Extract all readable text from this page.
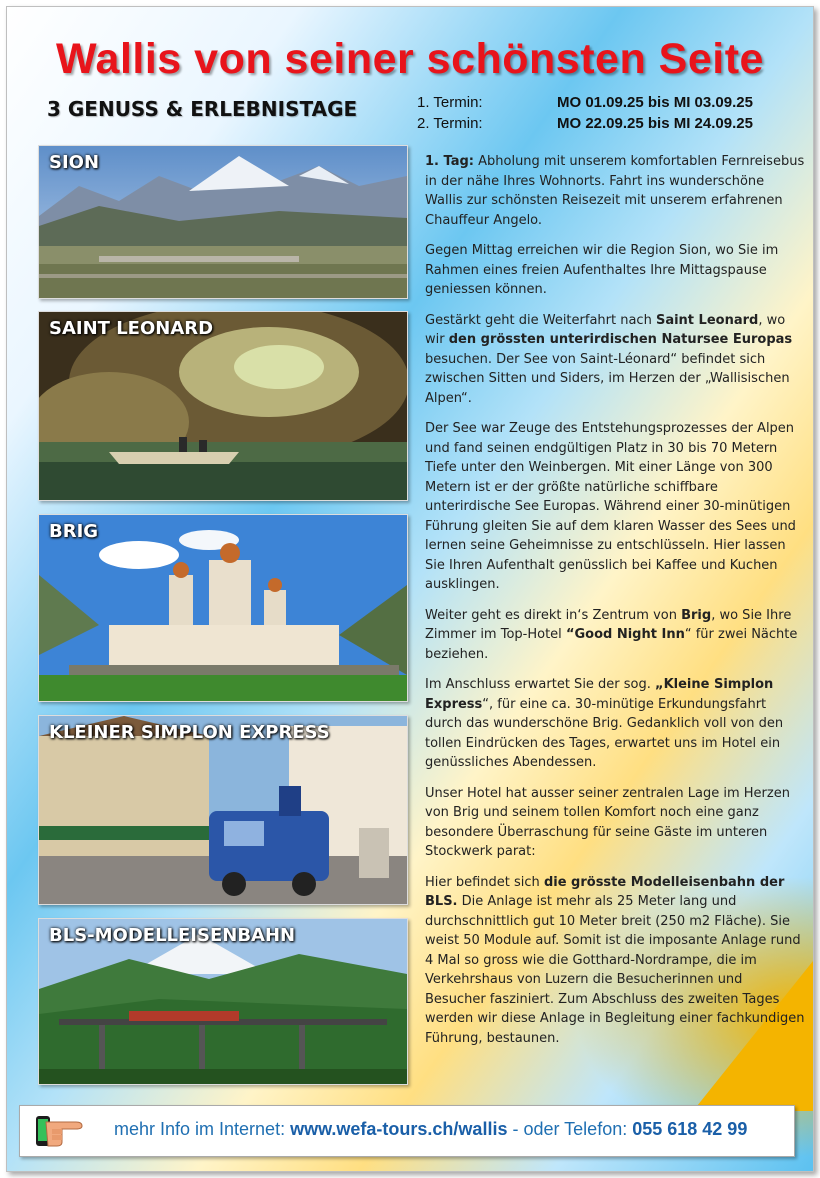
Wallis von seiner schönsten Seite
3 GENUSS & ERLEBNISTAGE	1. Termin:	MO 01.09.25 bis MI 03.09.25
2. Termin:	MO 22.09.25 bis MI 24.09.25
SION
SAINT LEONARD
BRIG
KLEINER SIMPLON EXPRESS
BLS-MODELLEISENBAHN

1. Tag: Abholung mit unserem komfortablen Fernreisebus in der nähe Ihres Wohnorts. Fahrt ins wunderschöne Wallis zur schönsten Reisezeit mit unserem erfahrenen Chauffeur Angelo.

Gegen Mittag erreichen wir die Region Sion, wo Sie im Rahmen eines freien Aufenthaltes Ihre Mittagspause geniessen können.

Gestärkt geht die Weiterfahrt nach Saint Leonard, wo wir den grössten unterirdischen Natursee Europas besuchen. Der See von Saint-Léonard“ befindet sich zwischen Sitten und Siders, im Herzen der „Wallisischen Alpen“.

Der See war Zeuge des Entstehungsprozesses der Alpen und fand seinen endgültigen Platz in 30 bis 70 Metern Tiefe unter den Weinbergen. Mit einer Länge von 300 Metern ist er der größte natürliche schiffbare unterirdische See Europas. Während einer 30-minütigen Führung gleiten Sie auf dem klaren Wasser des Sees und lernen seine Geheimnisse zu entschlüsseln. Hier lassen Sie Ihren Aufenthalt genüsslich bei Kaffee und Kuchen ausklingen.

Weiter geht es direkt in‘s Zentrum von Brig, wo Sie Ihre Zimmer im Top-Hotel “Good Night Inn“ für zwei Nächte beziehen.

Im Anschluss erwartet Sie der sog. „Kleine Simplon Express“, für eine ca. 30-minütige Erkundungsfahrt durch das wunderschöne Brig. Gedanklich voll von den tollen Eindrücken des Tages, erwartet uns im Hotel ein genüssliches Abendessen.

Unser Hotel hat ausser seiner zentralen Lage im Herzen von Brig und seinem tollen Komfort noch eine ganz besondere Überraschung für seine Gäste im unteren Stockwerk parat:

Hier befindet sich die grösste Modelleisenbahn der BLS. Die Anlage ist mehr als 25 Meter lang und durchschnittlich gut 10 Meter breit (250 m2 Fläche). Sie weist 50 Module auf. Somit ist die imposante Anlage rund 4 Mal so gross wie die Gotthard-Nordrampe, die im Verkehrshaus von Luzern die Besucherinnen und Besucher fasziniert. Zum Abschluss des zweiten Tages werden wir diese Anlage in Begleitung einer fachkundigen Führung, bestaunen.

mehr Info im Internet: www.wefa-tours.ch/wallis - oder Telefon: 055 618 42 99
